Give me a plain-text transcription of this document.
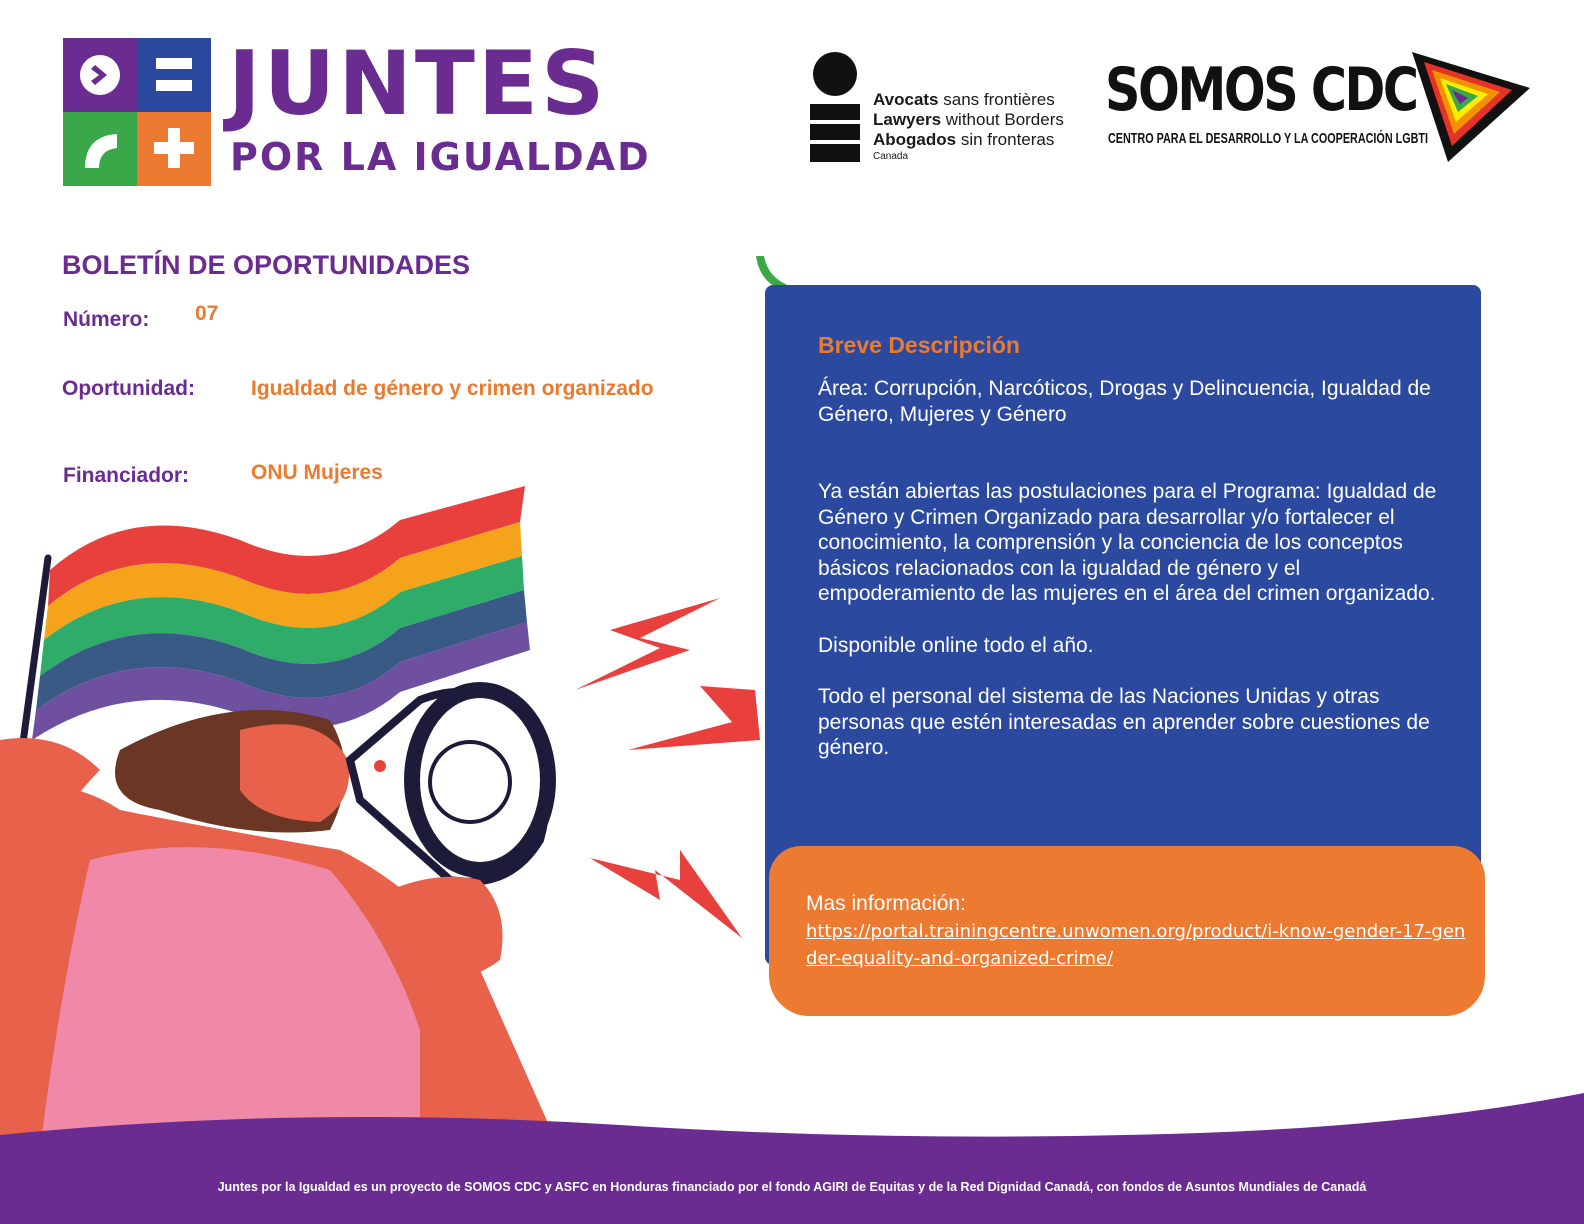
JUNTES
POR LA IGUALDAD
Avocats sans frontières
Lawyers without Borders
Abogados sin fronteras
Canada
SOMOS CDC
CENTRO PARA EL DESARROLLO Y LA COOPERACIÓN LGBTI
BOLETÍN DE OPORTUNIDADES
Número: 07
Oportunidad:	Igualdad de género y crimen organizado
Financiador:	ONU Mujeres
Breve Descripción

Área: Corrupción, Narcóticos, Drogas y Delincuencia, Igualdad de Género, Mujeres y Género

Ya están abiertas las postulaciones para el Programa: Igualdad de Género y Crimen Organizado para desarrollar y/o fortalecer el conocimiento, la comprensión y la conciencia de los conceptos básicos relacionados con la igualdad de género y el empoderamiento de las mujeres en el área del crimen organizado.

Disponible online todo el año.

Todo el personal del sistema de las Naciones Unidas y otras personas que estén interesadas en aprender sobre cuestiones de género.

Mas información:
https://portal.trainingcentre.unwomen.org/product/i-know-gender-17-gender-equality-and-organized-crime/
Juntes por la Igualdad es un proyecto de SOMOS CDC y ASFC en Honduras financiado por el fondo AGIRI de Equitas y de la Red Dignidad Canadá, con fondos de Asuntos Mundiales de Canadá
